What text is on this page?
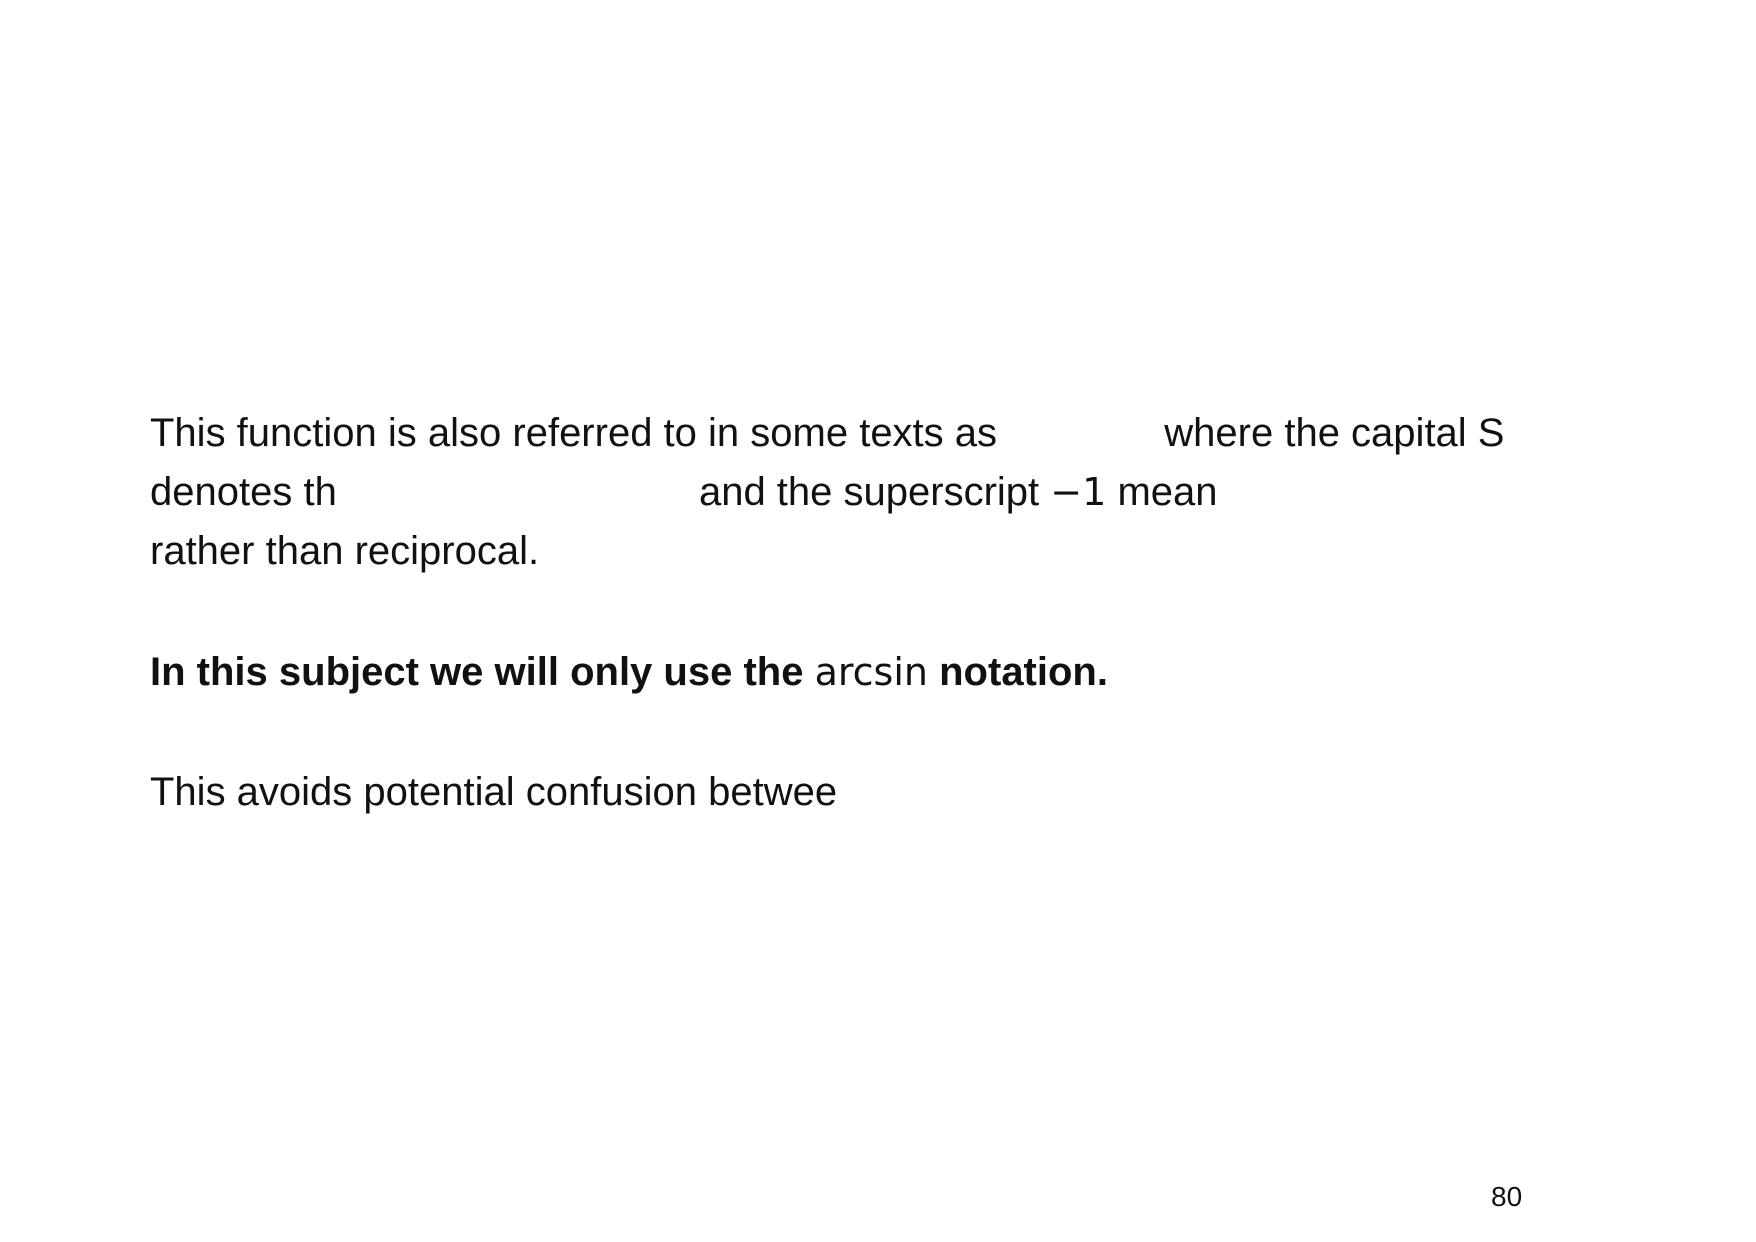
This function is also referred to in some texts as	where the capital S
denotes th	and the superscript −1 mean
rather than reciprocal.

In this subject we will only use the arcsin notation.

This avoids potential confusion betwee

80
